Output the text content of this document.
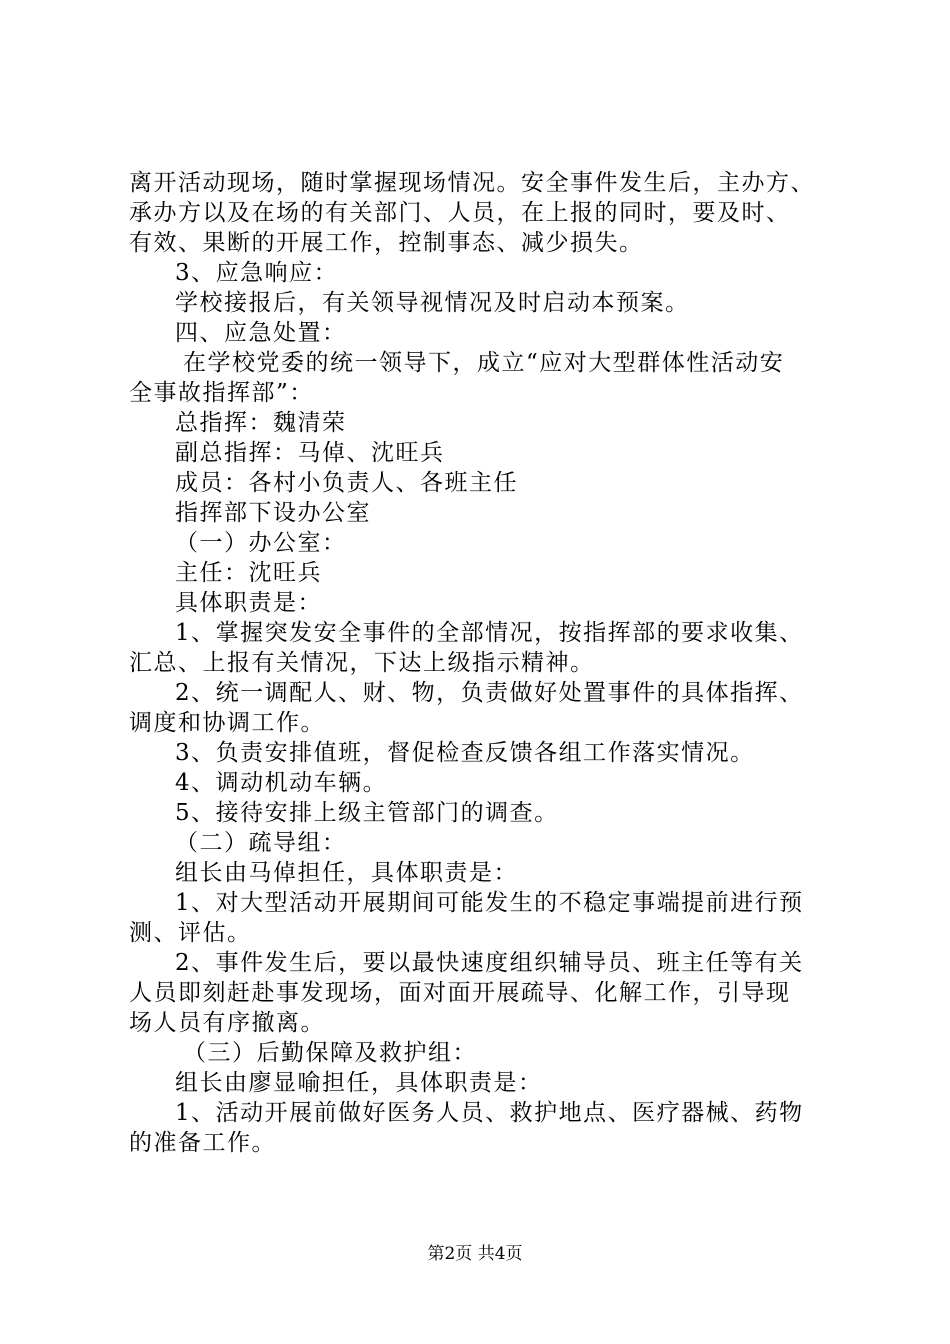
离开活动现场，随时掌握现场情况。安全事件发生后，主办方、
承办方以及在场的有关部门、人员，在上报的同时，要及时、
有效、果断的开展工作，控制事态、减少损失。
3、应急响应：
学校接报后，有关领导视情况及时启动本预案。
四、应急处置：
在学校党委的统一领导下，成立“应对大型群体性活动安
全事故指挥部”：
总指挥：魏清荣
副总指挥：马倬、沈旺兵
成员：各村小负责人、各班主任
指挥部下设办公室
（一）办公室：
主任：沈旺兵
具体职责是：
1、掌握突发安全事件的全部情况，按指挥部的要求收集、
汇总、上报有关情况，下达上级指示精神。
2、统一调配人、财、物，负责做好处置事件的具体指挥、
调度和协调工作。
3、负责安排值班，督促检查反馈各组工作落实情况。
4、调动机动车辆。
5、接待安排上级主管部门的调查。
（二）疏导组：
组长由马倬担任，具体职责是：
1、对大型活动开展期间可能发生的不稳定事端提前进行预
测、评估。
2、事件发生后，要以最快速度组织辅导员、班主任等有关
人员即刻赶赴事发现场，面对面开展疏导、化解工作，引导现
场人员有序撤离。
（三）后勤保障及救护组：
组长由廖显喻担任，具体职责是：
1、活动开展前做好医务人员、救护地点、医疗器械、药物
的准备工作。
第2页 共4页
